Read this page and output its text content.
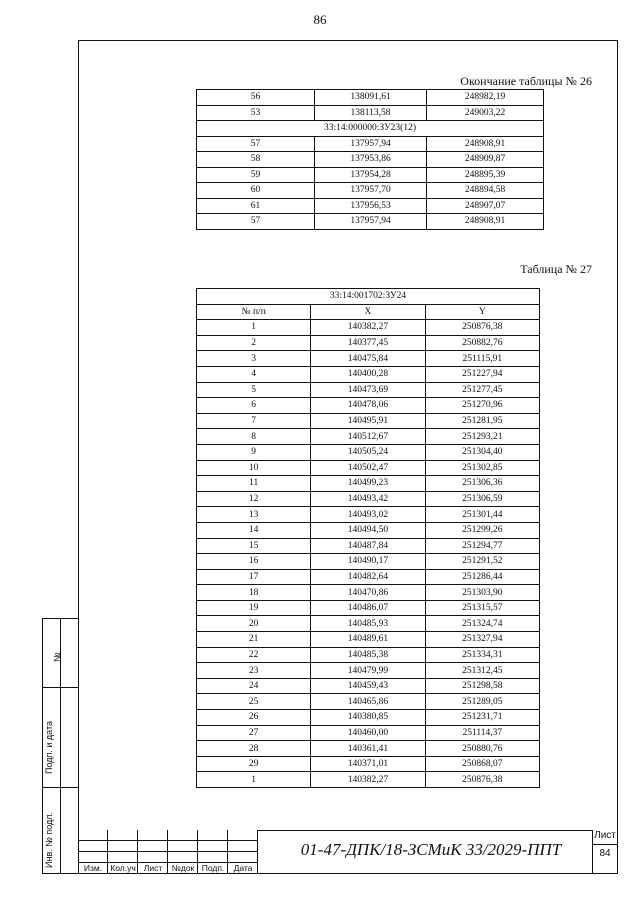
86
Окончание таблицы № 26
56	138091,61	248982,19
53	138113,58	249003,22
33:14:000000:ЗУ23(12)		
57	137957,94	248908,91
58	137953,86	248909,87
59	137954,28	248895,39
60	137957,70	248894,58
61	137956,53	248907,07
57	137957,94	248908,91
Таблица № 27
33:14:001702:ЗУ24		
№ п/п	X	Y
1	140382,27	250876,38
2	140377,45	250882,76
3	140475,84	251115,91
4	140400,28	251227,94
5	140473,69	251277,45
6	140478,06	251270,96
7	140495,91	251281,95
8	140512,67	251293,21
9	140505,24	251304,40
10	140502,47	251302,85
11	140499,23	251306,36
12	140493,42	251306,59
13	140493,02	251301,44
14	140494,50	251299,26
15	140487,84	251294,77
16	140490,17	251291,52
17	140482,64	251286,44
18	140470,86	251303,90
19	140486,07	251315,57
20	140485,93	251324,74
21	140489,61	251327,94
22	140485,38	251334,31
23	140479,99	251312,45
24	140459,43	251298,58
25	140465,86	251289,05
26	140380,85	251231,71
27	140460,00	251114,37
28	140361,41	250880,76
29	140371,01	250868,07
1	140382,27	250876,38
№
Подп. и дата
Инв. № подл.	Изм. Кол.уч Лист	№док Подп.	Дата
01-47-ДПК/18-ЗСМиК 33/2029-ППТ
Лист
84
